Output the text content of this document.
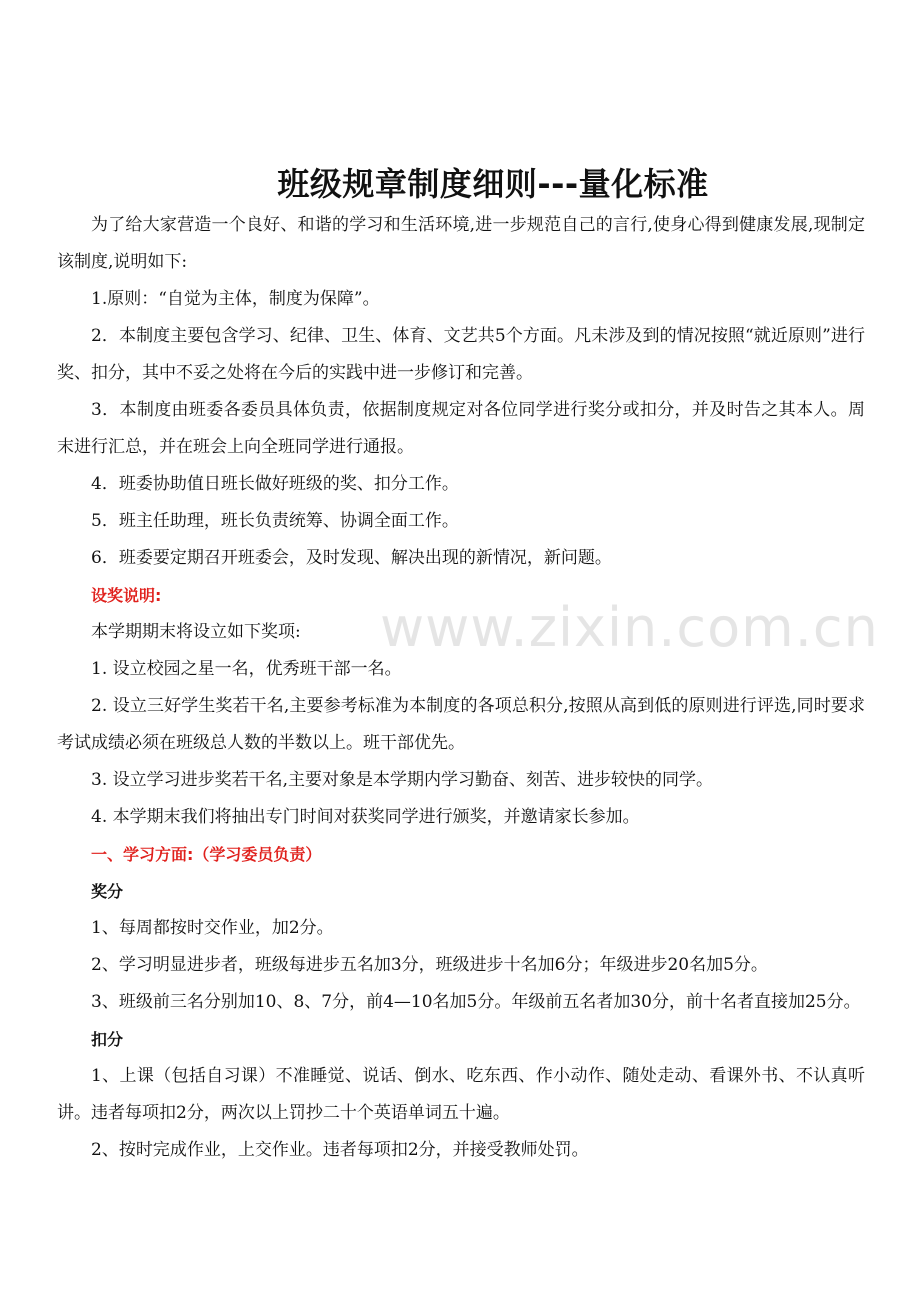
www.zixin.com.cn
班级规章制度细则---量化标准

为了给大家营造一个良好、和谐的学习和生活环境,进一步规范自己的言行,使身心得到健康发展,现制定该制度,说明如下:

1.原则：“自觉为主体，制度为保障”。

2．本制度主要包含学习、纪律、卫生、体育、文艺共5个方面。凡未涉及到的情况按照“就近原则”进行奖、扣分，其中不妥之处将在今后的实践中进一步修订和完善。

3．本制度由班委各委员具体负责，依据制度规定对各位同学进行奖分或扣分，并及时告之其本人。周末进行汇总，并在班会上向全班同学进行通报。

4．班委协助值日班长做好班级的奖、扣分工作。

5．班主任助理，班长负责统筹、协调全面工作。

6．班委要定期召开班委会，及时发现、解决出现的新情况，新问题。

设奖说明:

本学期期末将设立如下奖项:

1. 设立校园之星一名，优秀班干部一名。

2. 设立三好学生奖若干名,主要参考标准为本制度的各项总积分,按照从高到低的原则进行评选,同时要求考试成绩必须在班级总人数的半数以上。班干部优先。

3. 设立学习进步奖若干名,主要对象是本学期内学习勤奋、刻苦、进步较快的同学。

4. 本学期末我们将抽出专门时间对获奖同学进行颁奖，并邀请家长参加。

一、学习方面:（学习委员负责）

奖分

1、每周都按时交作业，加2分。

2、学习明显进步者，班级每进步五名加3分，班级进步十名加6分；年级进步20名加5分。

3、班级前三名分别加10、8、7分，前4—10名加5分。年级前五名者加30分，前十名者直接加25分。

扣分

1、上课（包括自习课）不准睡觉、说话、倒水、吃东西、作小动作、随处走动、看课外书、不认真听讲。违者每项扣2分，两次以上罚抄二十个英语单词五十遍。

2、按时完成作业，上交作业。违者每项扣2分，并接受教师处罚。
